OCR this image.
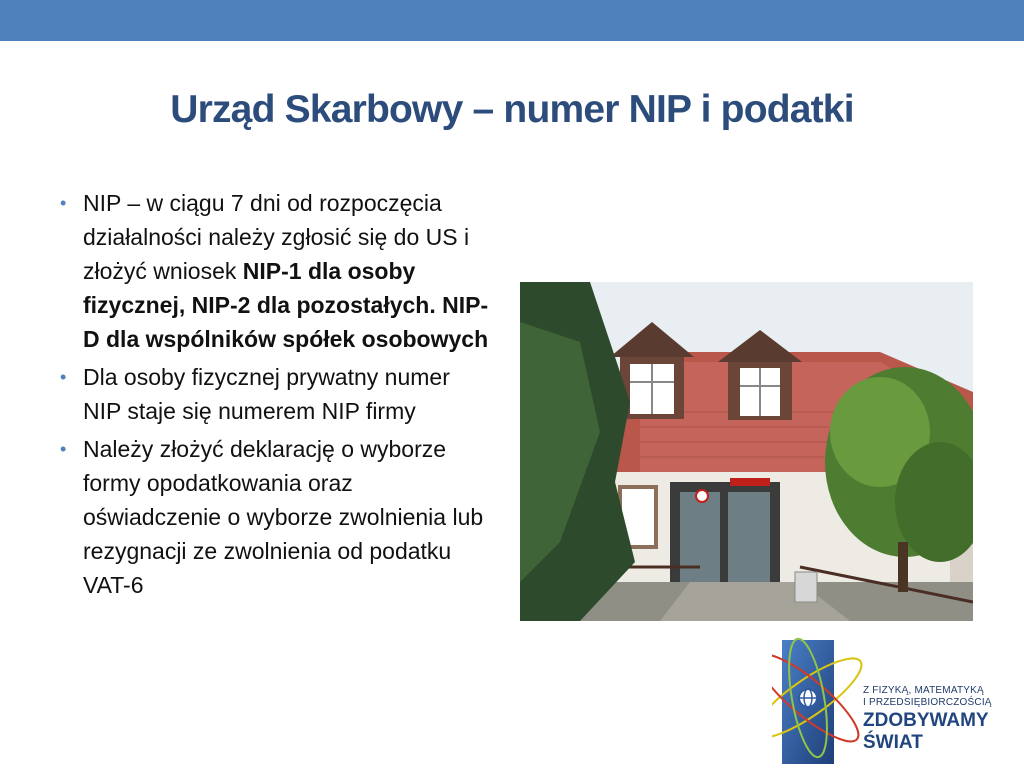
Urząd Skarbowy – numer NIP i podatki
• NIP – w ciągu 7 dni od rozpoczęcia działalności należy zgłosić się do US i złożyć wniosek NIP-1 dla osoby fizycznej, NIP-2 dla pozostałych. NIP-D dla wspólników spółek osobowych
• Dla osoby fizycznej prywatny numer NIP staje się numerem NIP firmy
• Należy złożyć deklarację o wyborze formy opodatkowania oraz oświadczenie o wyborze zwolnienia lub rezygnacji ze zwolnienia od podatku VAT-6
Z FIZYKĄ, MATEMATYKĄ
I PRZEDSIĘBIORCZOŚCIĄ
ZDOBYWAMY
ŚWIAT
